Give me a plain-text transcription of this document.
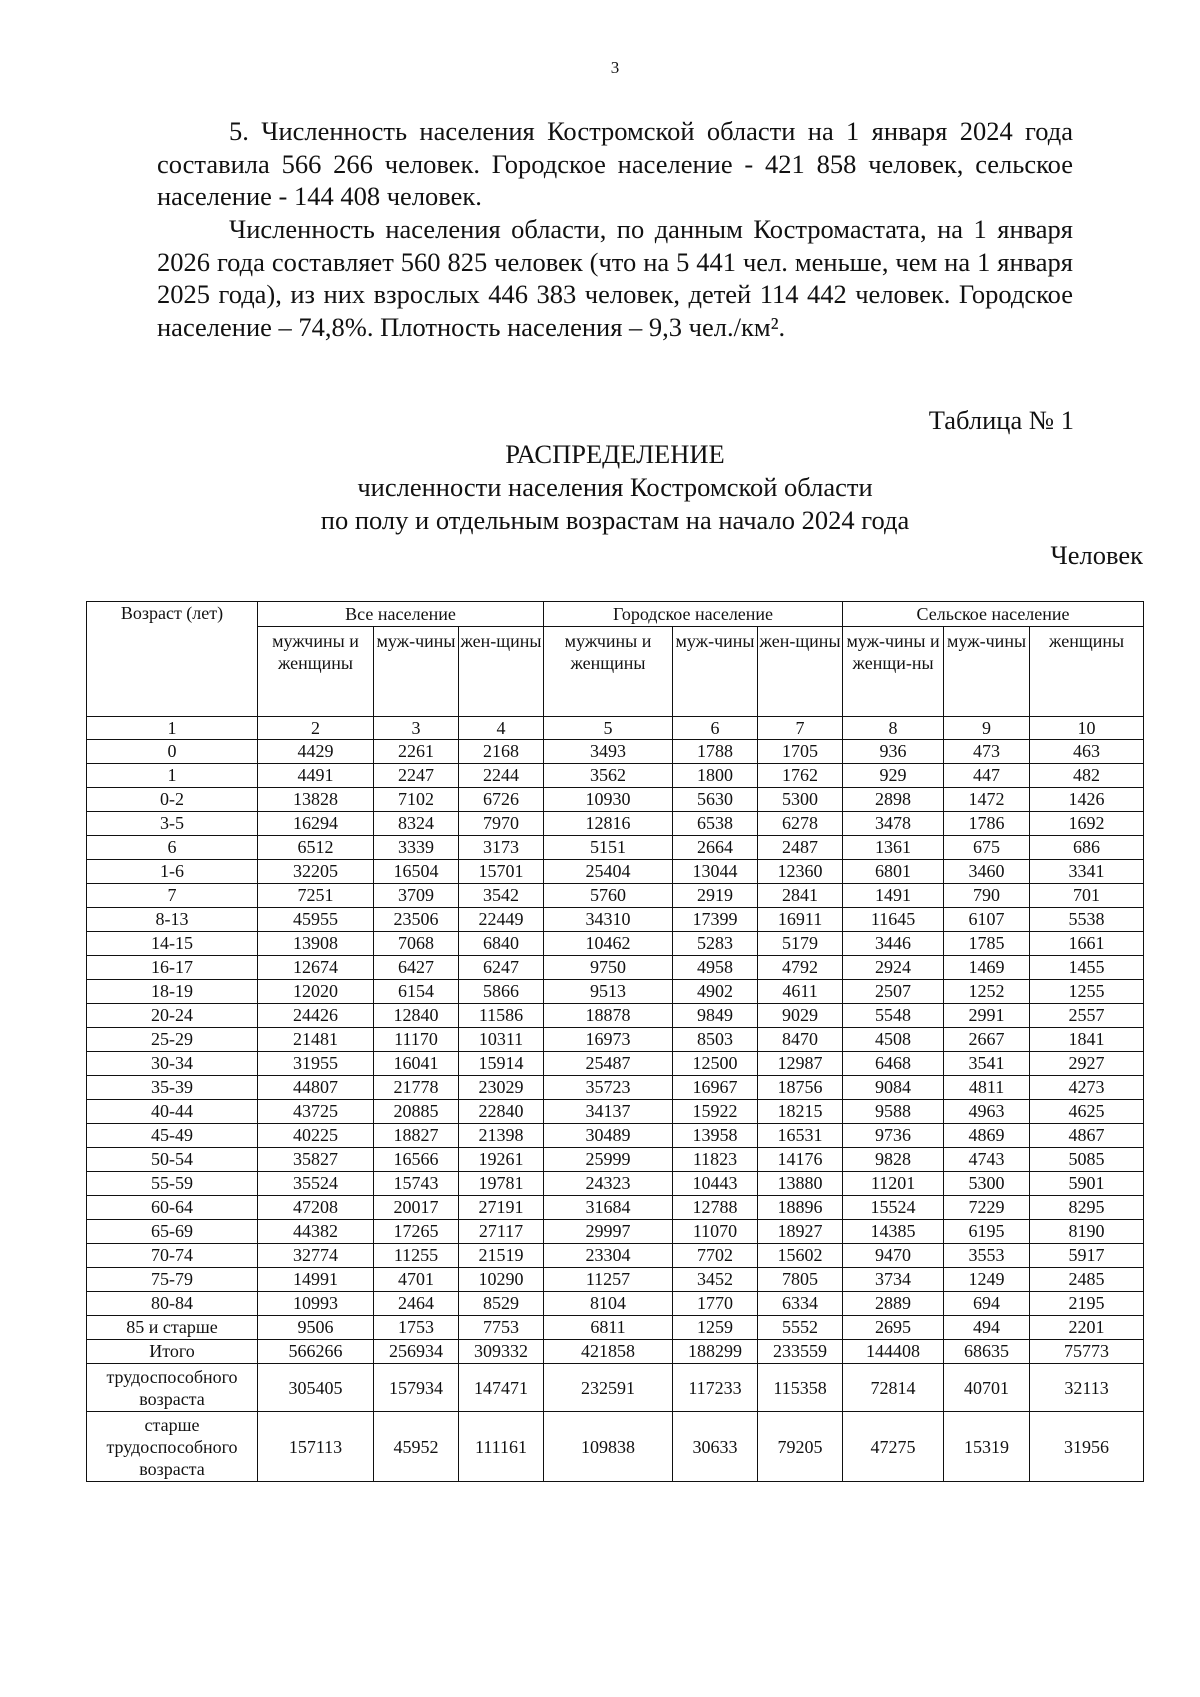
3

5. Численность населения Костромской области на 1 января 2024 года составила 566 266 человек. Городское население - 421 858 человек, сельское население - 144 408 человек.

Численность населения области, по данным Костромастата, на 1 января 2026 года составляет 560 825 человек (что на 5 441 чел. меньше, чем на 1 января 2025 года), из них взрослых 446 383 человек, детей 114 442 человек. Городское население – 74,8%. Плотность населения – 9,3 чел./км².

Таблица № 1
РАСПРЕДЕЛЕНИЕ
численности населения Костромской области
по полу и отдельным возрастам на начало 2024 года
Человек
Возраст (лет)	Все население			Городское население			Сельское население		
	мужчины и женщины	муж-чины	жен-щины	мужчины и женщины	муж-чины	жен-щины	муж-чины и женщи-ны	муж-чины	женщины
1	2	3	4	5	6	7	8	9	10
0	4429	2261	2168	3493	1788	1705	936	473	463
1	4491	2247	2244	3562	1800	1762	929	447	482
0-2	13828	7102	6726	10930	5630	5300	2898	1472	1426
3-5	16294	8324	7970	12816	6538	6278	3478	1786	1692
6	6512	3339	3173	5151	2664	2487	1361	675	686
1-6	32205	16504	15701	25404	13044	12360	6801	3460	3341
7	7251	3709	3542	5760	2919	2841	1491	790	701
8-13	45955	23506	22449	34310	17399	16911	11645	6107	5538
14-15	13908	7068	6840	10462	5283	5179	3446	1785	1661
16-17	12674	6427	6247	9750	4958	4792	2924	1469	1455
18-19	12020	6154	5866	9513	4902	4611	2507	1252	1255
20-24	24426	12840	11586	18878	9849	9029	5548	2991	2557
25-29	21481	11170	10311	16973	8503	8470	4508	2667	1841
30-34	31955	16041	15914	25487	12500	12987	6468	3541	2927
35-39	44807	21778	23029	35723	16967	18756	9084	4811	4273
40-44	43725	20885	22840	34137	15922	18215	9588	4963	4625
45-49	40225	18827	21398	30489	13958	16531	9736	4869	4867
50-54	35827	16566	19261	25999	11823	14176	9828	4743	5085
55-59	35524	15743	19781	24323	10443	13880	11201	5300	5901
60-64	47208	20017	27191	31684	12788	18896	15524	7229	8295
65-69	44382	17265	27117	29997	11070	18927	14385	6195	8190
70-74	32774	11255	21519	23304	7702	15602	9470	3553	5917
75-79	14991	4701	10290	11257	3452	7805	3734	1249	2485
80-84	10993	2464	8529	8104	1770	6334	2889	694	2195
85 и старше	9506	1753	7753	6811	1259	5552	2695	494	2201
Итого	566266	256934	309332	421858	188299	233559	144408	68635	75773
трудоспособного возраста	305405	157934	147471	232591	117233	115358	72814	40701	32113
старше трудоспособного возраста	157113	45952	111161	109838	30633	79205	47275	15319	31956
